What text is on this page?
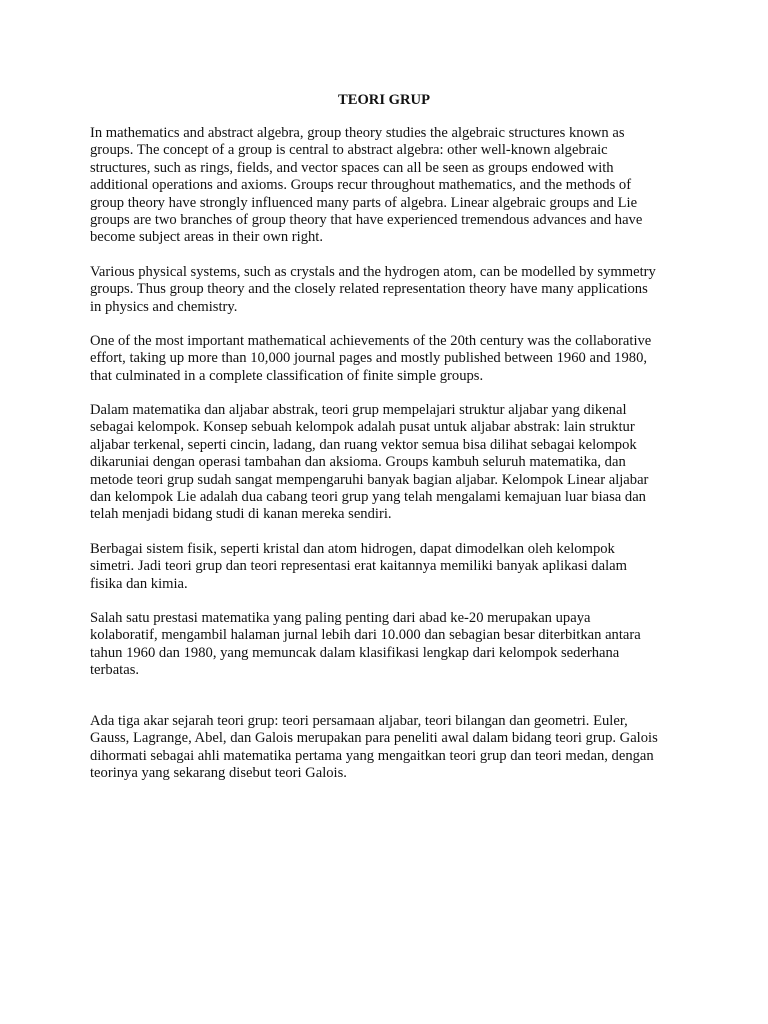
TEORI GRUP
In mathematics and abstract algebra, group theory studies the algebraic structures known as
groups. The concept of a group is central to abstract algebra: other well-known algebraic
structures, such as rings, fields, and vector spaces can all be seen as groups endowed with
additional operations and axioms. Groups recur throughout mathematics, and the methods of
group theory have strongly influenced many parts of algebra. Linear algebraic groups and Lie
groups are two branches of group theory that have experienced tremendous advances and have
become subject areas in their own right.
Various physical systems, such as crystals and the hydrogen atom, can be modelled by symmetry
groups. Thus group theory and the closely related representation theory have many applications
in physics and chemistry.
One of the most important mathematical achievements of the 20th century was the collaborative
effort, taking up more than 10,000 journal pages and mostly published between 1960 and 1980,
that culminated in a complete classification of finite simple groups.
Dalam matematika dan aljabar abstrak, teori grup mempelajari struktur aljabar yang dikenal
sebagai kelompok. Konsep sebuah kelompok adalah pusat untuk aljabar abstrak: lain struktur
aljabar terkenal, seperti cincin, ladang, dan ruang vektor semua bisa dilihat sebagai kelompok
dikaruniai dengan operasi tambahan dan aksioma. Groups kambuh seluruh matematika, dan
metode teori grup sudah sangat mempengaruhi banyak bagian aljabar. Kelompok Linear aljabar
dan kelompok Lie adalah dua cabang teori grup yang telah mengalami kemajuan luar biasa dan
telah menjadi bidang studi di kanan mereka sendiri.
Berbagai sistem fisik, seperti kristal dan atom hidrogen, dapat dimodelkan oleh kelompok
simetri. Jadi teori grup dan teori representasi erat kaitannya memiliki banyak aplikasi dalam
fisika dan kimia.
Salah satu prestasi matematika yang paling penting dari abad ke-20 merupakan upaya
kolaboratif, mengambil halaman jurnal lebih dari 10.000 dan sebagian besar diterbitkan antara
tahun 1960 dan 1980, yang memuncak dalam klasifikasi lengkap dari kelompok sederhana
terbatas.
Ada tiga akar sejarah teori grup: teori persamaan aljabar, teori bilangan dan geometri. Euler,
Gauss, Lagrange, Abel, dan Galois merupakan para peneliti awal dalam bidang teori grup. Galois
dihormati sebagai ahli matematika pertama yang mengaitkan teori grup dan teori medan, dengan
teorinya yang sekarang disebut teori Galois.
